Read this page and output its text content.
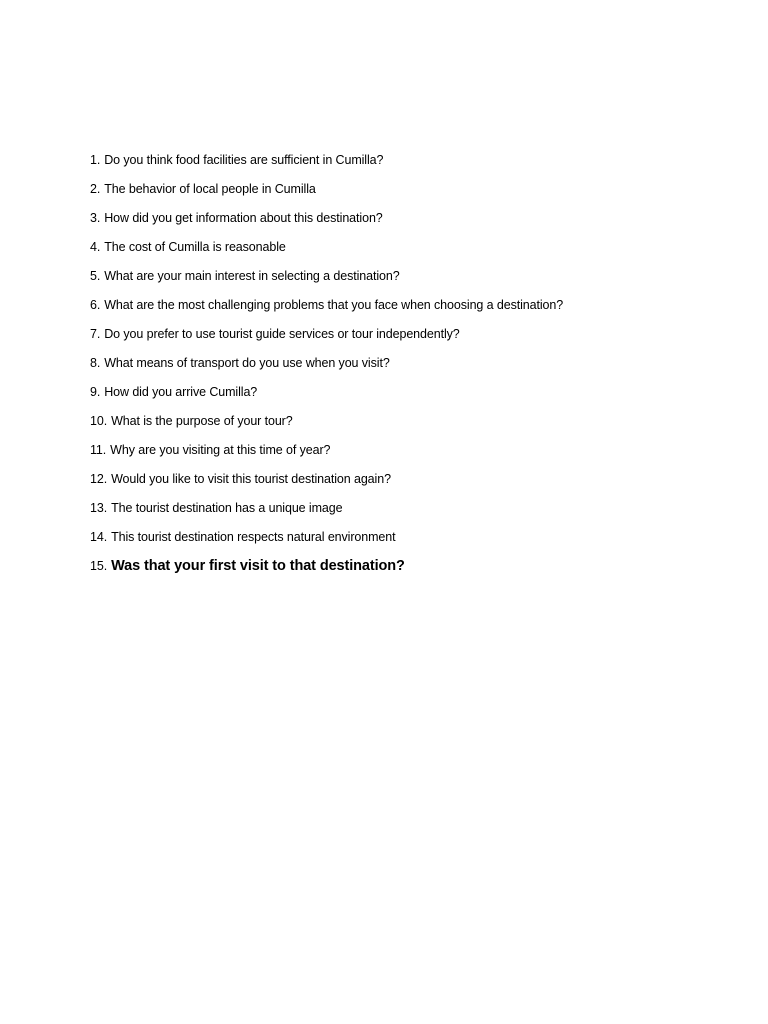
1. Do you think food facilities are sufficient in Cumilla?
2. The behavior of local people in Cumilla
3. How did you get information about this destination?
4. The cost of Cumilla is reasonable
5. What are your main interest in selecting a destination?
6. What are the most challenging problems that you face when choosing a destination?
7. Do you prefer to use tourist guide services or tour independently?
8. What means of transport do you use when you visit?
9. How did you arrive Cumilla?
10. What is the purpose of your tour?
11. Why are you visiting at this time of year?
12. Would you like to visit this tourist destination again?
13. The tourist destination has a unique image
14. This tourist destination respects natural environment
15. Was that your first visit to that destination?
